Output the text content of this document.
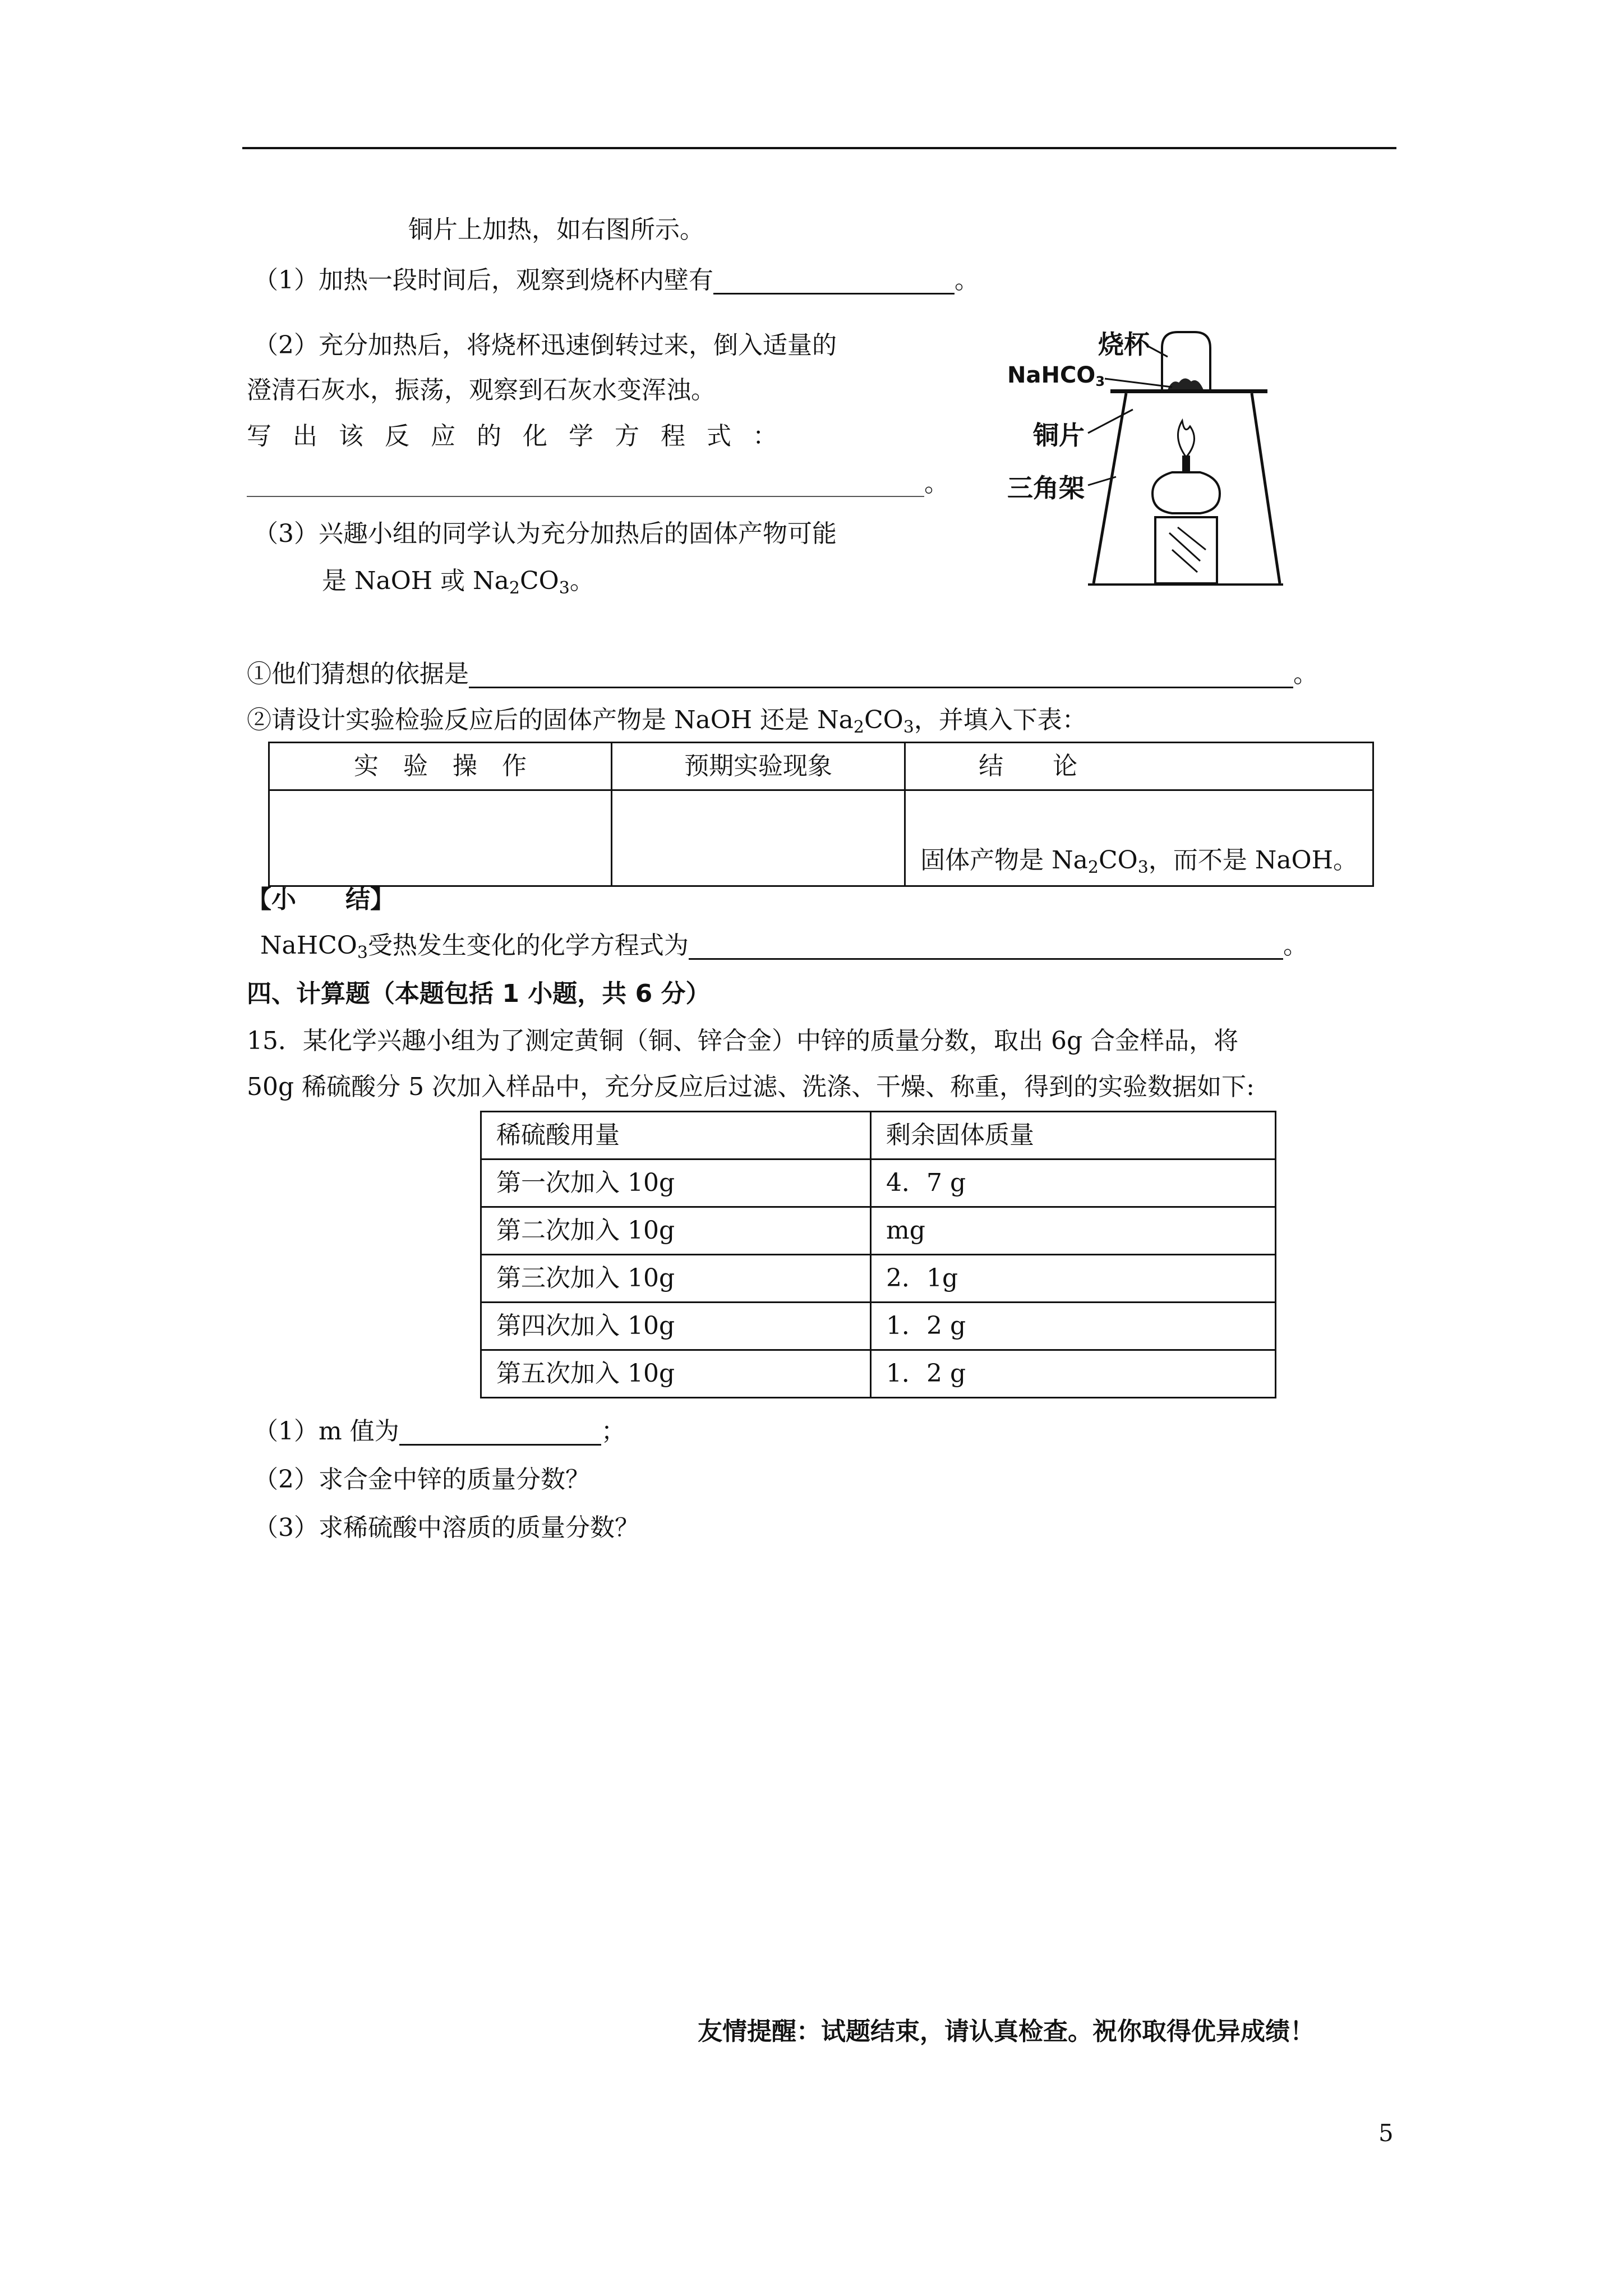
铜片上加热，如右图所示。
（1）加热一段时间后，观察到烧杯内壁有	。
（2）充分加热后，将烧杯迅速倒转过来，倒入适量的
澄清石灰水，振荡，观察到石灰水变浑浊。
写出该反应的化学方程式：
。
（3）兴趣小组的同学认为充分加热后的固体产物可能
是 NaOH 或 $Na_2CO_3$。
烧杯
NaHCO3
铜片
三角架
①他们猜想的依据是	。
②请设计实验检验反应后的固体产物是 NaOH 还是 $Na_2CO_3$，并填入下表：
实　验　操　作	预期实验现象	结　　论
		固体产物是 $Na_2CO_3$，而不是 NaOH。
【小　　结】
NaHCO$_3$受热发生变化的化学方程式为	。
四、计算题（本题包括 1 小题，共 6 分）
15．某化学兴趣小组为了测定黄铜（铜、锌合金）中锌的质量分数，取出 6g 合金样品，将
50g 稀硫酸分 5 次加入样品中，充分反应后过滤、洗涤、干燥、称重，得到的实验数据如下:
稀硫酸用量	剩余固体质量
第一次加入 10g	4．7 g
第二次加入 10g	mg
第三次加入 10g	2．1g
第四次加入 10g	1．2 g
第五次加入 10g	1．2 g
（1）m 值为	；
（2）求合金中锌的质量分数？
（3）求稀硫酸中溶质的质量分数？
友情提醒：试题结束，请认真检查。祝你取得优异成绩！
5
